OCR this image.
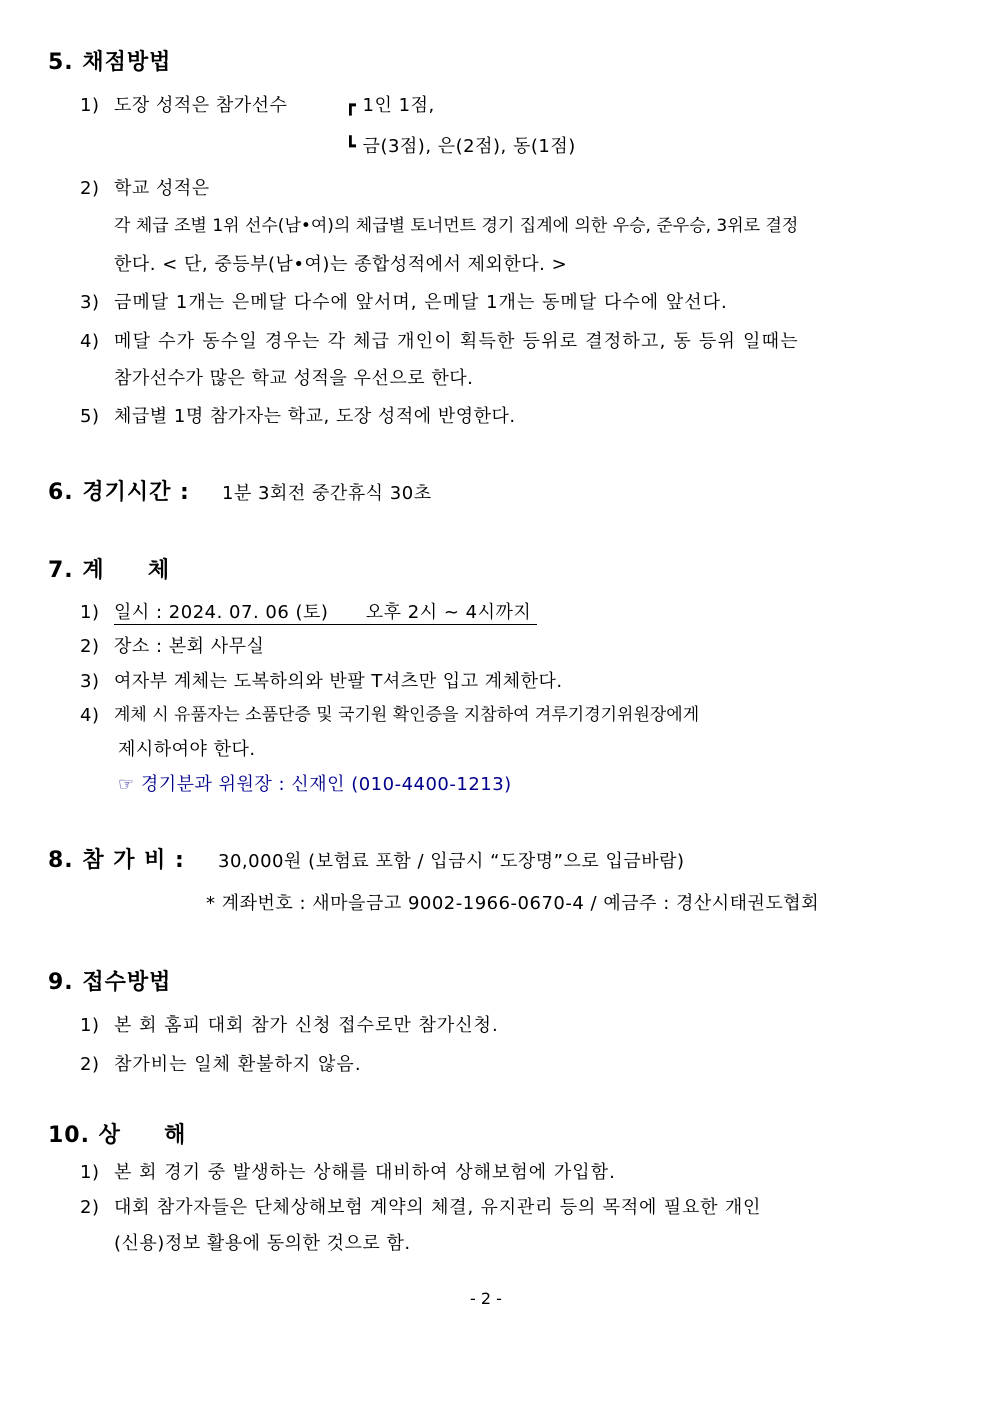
5. 채점방법
1) 도장 성적은 참가선수	┏ 1인 1점,
┗ 금(3점), 은(2점), 동(1점)
2) 학교 성적은
각 체급 조별 1위 선수(남•여)의 체급별 토너먼트 경기 집계에 의한 우승, 준우승, 3위로 결정
한다. < 단, 중등부(남•여)는 종합성적에서 제외한다. >
3) 금메달 1개는 은메달 다수에 앞서며, 은메달 1개는 동메달 다수에 앞선다.
4) 메달 수가 동수일 경우는 각 체급 개인이 획득한 등위로 결정하고, 동 등위 일때는
참가선수가 많은 학교 성적을 우선으로 한다.
5) 체급별 1명 참가자는 학교, 도장 성적에 반영한다.
6. 경기시간 : 1분 3회전 중간휴식 30초
7. 계     체
1) 일시 : 2024. 07. 06 (토)      오후 2시 ~ 4시까지
2) 장소 : 본회 사무실
3) 여자부 계체는 도복하의와 반팔 T셔츠만 입고 계체한다.
4) 계체 시 유품자는 소품단증 및 국기원 확인증을 지참하여 겨루기경기위원장에게
제시하여야 한다.
☞ 경기분과 위원장 : 신재인 (010-4400-1213)
8. 참 가 비 : 30,000원 (보험료 포함 / 입금시 “도장명”으로 입금바람)
* 계좌번호 : 새마을금고 9002-1966-0670-4 / 예금주 : 경산시태권도협회
9. 접수방법
1) 본 회 홈피 대회 참가 신청 접수로만 참가신청.
2) 참가비는 일체 환불하지 않음.
10. 상     해
1) 본 회 경기 중 발생하는 상해를 대비하여 상해보험에 가입함.
2) 대회 참가자들은 단체상해보험 계약의 체결, 유지관리 등의 목적에 필요한 개인
(신용)정보 활용에 동의한 것으로 함.
- 2 -
